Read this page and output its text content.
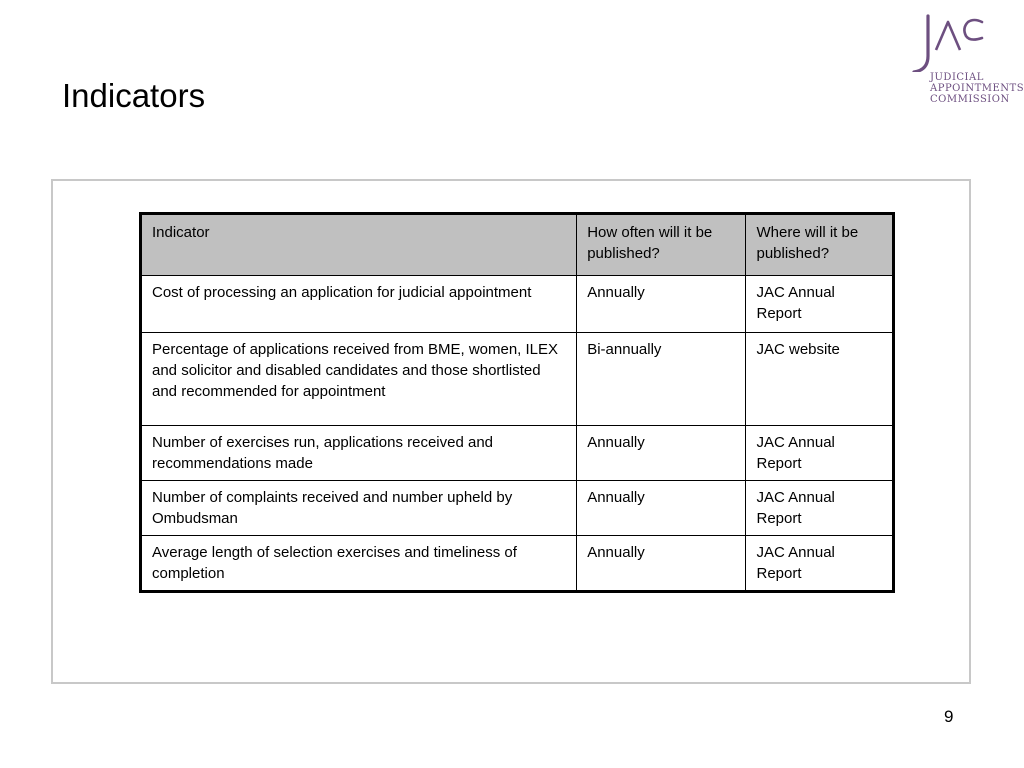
Indicators	JUDICIAL
APPOINTMENTS
COMMISSION
Indicator	How often will it be published?	Where will it be published?
Cost of processing an application for judicial appointment	Annually	JAC Annual Report
Percentage of applications received from BME, women, ILEX and solicitor and disabled candidates and those shortlisted and recommended for appointment	Bi-annually	JAC website
Number of exercises run, applications received and recommendations made	Annually	JAC Annual Report
Number of complaints received and number upheld by Ombudsman	Annually	JAC Annual Report
Average length of selection exercises and timeliness of completion	Annually	JAC Annual Report
9
